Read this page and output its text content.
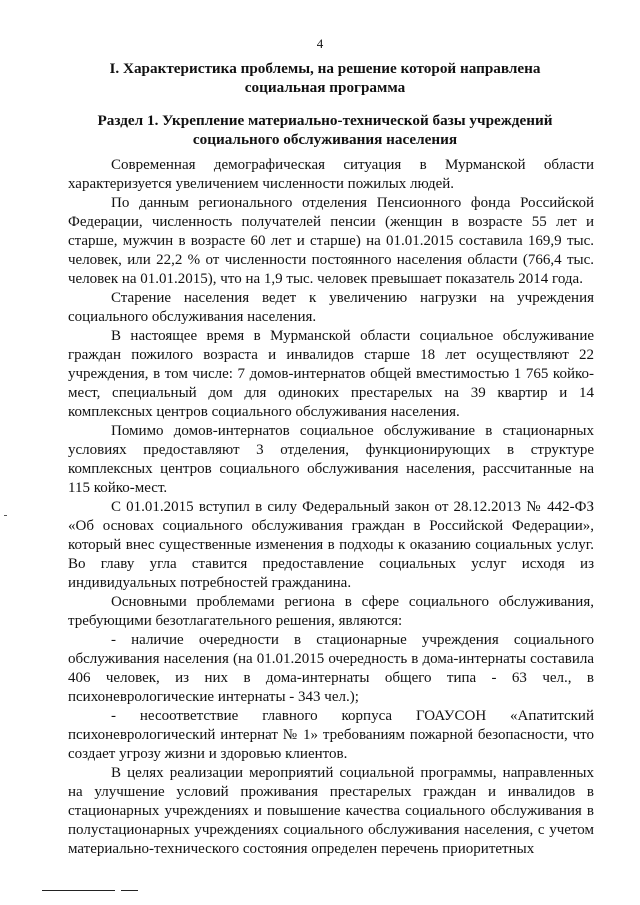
4
I. Характеристика проблемы, на решение которой направлена социальная программа
Раздел 1. Укрепление материально-технической базы учреждений социального обслуживания населения

Современная демографическая ситуация в Мурманской области характеризуется увеличением численности пожилых людей.

По данным регионального отделения Пенсионного фонда Российской Федерации, численность получателей пенсии (женщин в возрасте 55 лет и старше, мужчин в возрасте 60 лет и старше) на 01.01.2015 составила 169,9 тыс. человек, или 22,2 % от численности постоянного населения области (766,4 тыс. человек на 01.01.2015), что на 1,9 тыс. человек превышает показатель 2014 года.

Старение населения ведет к увеличению нагрузки на учреждения социального обслуживания населения.

В настоящее время в Мурманской области социальное обслуживание граждан пожилого возраста и инвалидов старше 18 лет осуществляют 22 учреждения, в том числе: 7 домов-интернатов общей вместимостью 1 765 койко-мест, специальный дом для одиноких престарелых на 39 квартир и 14 комплексных центров социального обслуживания населения.

Помимо домов-интернатов социальное обслуживание в стационарных условиях предоставляют 3 отделения, функционирующих в структуре комплексных центров социального обслуживания населения, рассчитанные на 115 койко-мест.

С 01.01.2015 вступил в силу Федеральный закон от 28.12.2013 № 442-ФЗ «Об основах социального обслуживания граждан в Российской Федерации», который внес существенные изменения в подходы к оказанию социальных услуг. Во главу угла ставится предоставление социальных услуг исходя из индивидуальных потребностей гражданина.

Основными проблемами региона в сфере социального обслуживания, требующими безотлагательного решения, являются:

- наличие очередности в стационарные учреждения социального обслуживания населения (на 01.01.2015 очередность в дома-интернаты составила 406 человек, из них в дома-интернаты общего типа - 63 чел., в психоневрологические интернаты - 343 чел.);

- несоответствие главного корпуса ГОАУСОН «Апатитский психоневрологический интернат № 1» требованиям пожарной безопасности, что создает угрозу жизни и здоровью клиентов.

В целях реализации мероприятий социальной программы, направленных на улучшение условий проживания престарелых граждан и инвалидов в стационарных учреждениях и повышение качества социального обслуживания в полустационарных учреждениях социального обслуживания населения, с учетом материально-технического состояния определен перечень приоритетных
